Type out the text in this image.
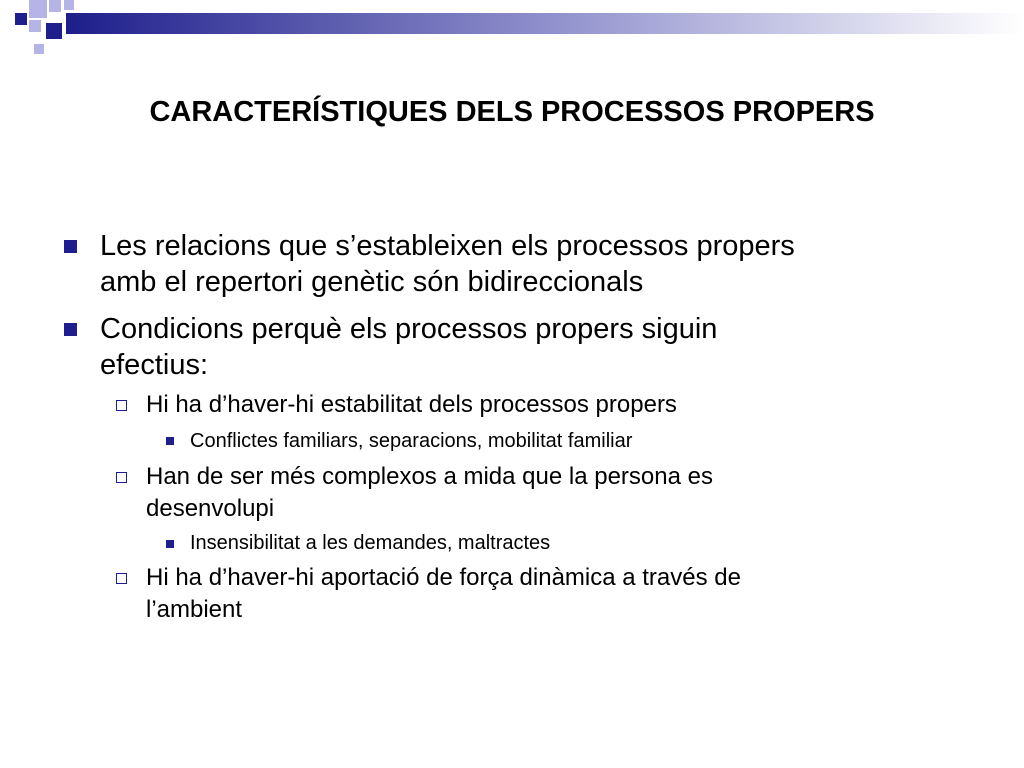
CARACTERÍSTIQUES DELS PROCESSOS PROPERS
Les relacions que s’estableixen els processos propers
amb el repertori genètic són bidireccionals
Condicions perquè els processos propers siguin
efectius:
Hi ha d’haver-hi estabilitat dels processos propers
Conflictes familiars, separacions, mobilitat familiar
Han de ser més complexos a mida que la persona es
desenvolupi
Insensibilitat a les demandes, maltractes
Hi ha d’haver-hi aportació de força dinàmica a través de
l’ambient
